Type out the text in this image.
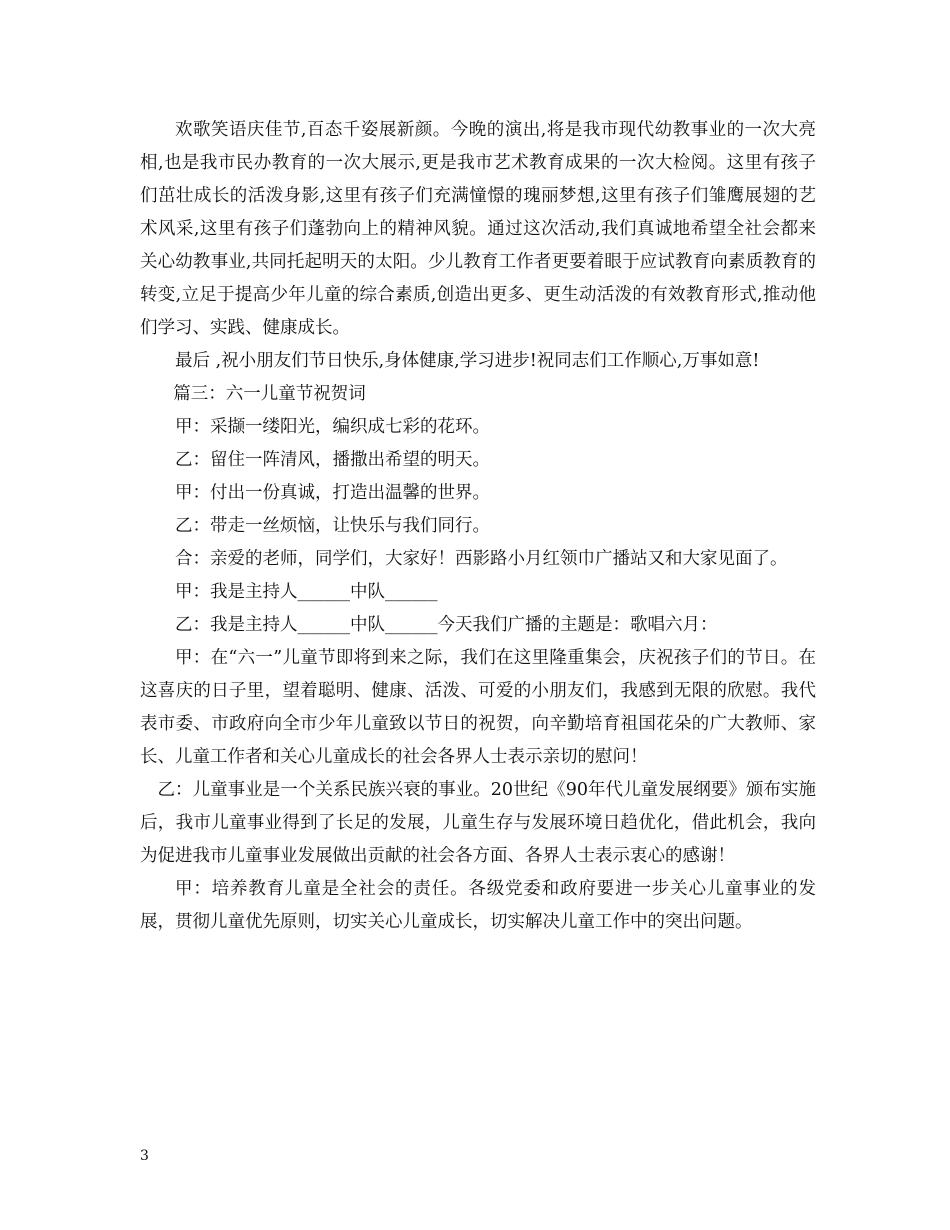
欢歌笑语庆佳节,百态千姿展新颜。今晚的演出,将是我市现代幼教事业的一次大亮相,也是我市民办教育的一次大展示,更是我市艺术教育成果的一次大检阅。这里有孩子们茁壮成长的活泼身影,这里有孩子们充满憧憬的瑰丽梦想,这里有孩子们雏鹰展翅的艺术风采,这里有孩子们蓬勃向上的精神风貌。通过这次活动,我们真诚地希望全社会都来关心幼教事业,共同托起明天的太阳。少儿教育工作者更要着眼于应试教育向素质教育的转变,立足于提高少年儿童的综合素质,创造出更多、更生动活泼的有效教育形式,推动他们学习、实践、健康成长。

最后 ,祝小朋友们节日快乐,身体健康,学习进步!祝同志们工作顺心,万事如意!

篇三：六一儿童节祝贺词

甲：采撷一缕阳光，编织成七彩的花环。

乙：留住一阵清风，播撒出希望的明天。

甲：付出一份真诚，打造出温馨的世界。

乙：带走一丝烦恼，让快乐与我们同行。

合：亲爱的老师，同学们，大家好！西影路小月红领巾广播站又和大家见面了。

甲：我是主持人______中队______

乙：我是主持人______中队______今天我们广播的主题是：歌唱六月：

甲：在“六一”儿童节即将到来之际，我们在这里隆重集会，庆祝孩子们的节日。在这喜庆的日子里，望着聪明、健康、活泼、可爱的小朋友们，我感到无限的欣慰。我代表市委、市政府向全市少年儿童致以节日的祝贺，向辛勤培育祖国花朵的广大教师、家长、儿童工作者和关心儿童成长的社会各界人士表示亲切的慰问！

乙：儿童事业是一个关系民族兴衰的事业。20世纪《90年代儿童发展纲要》颁布实施后，我市儿童事业得到了长足的发展，儿童生存与发展环境日趋优化，借此机会，我向为促进我市儿童事业发展做出贡献的社会各方面、各界人士表示衷心的感谢！

甲：培养教育儿童是全社会的责任。各级党委和政府要进一步关心儿童事业的发展，贯彻儿童优先原则，切实关心儿童成长，切实解决儿童工作中的突出问题。

3
